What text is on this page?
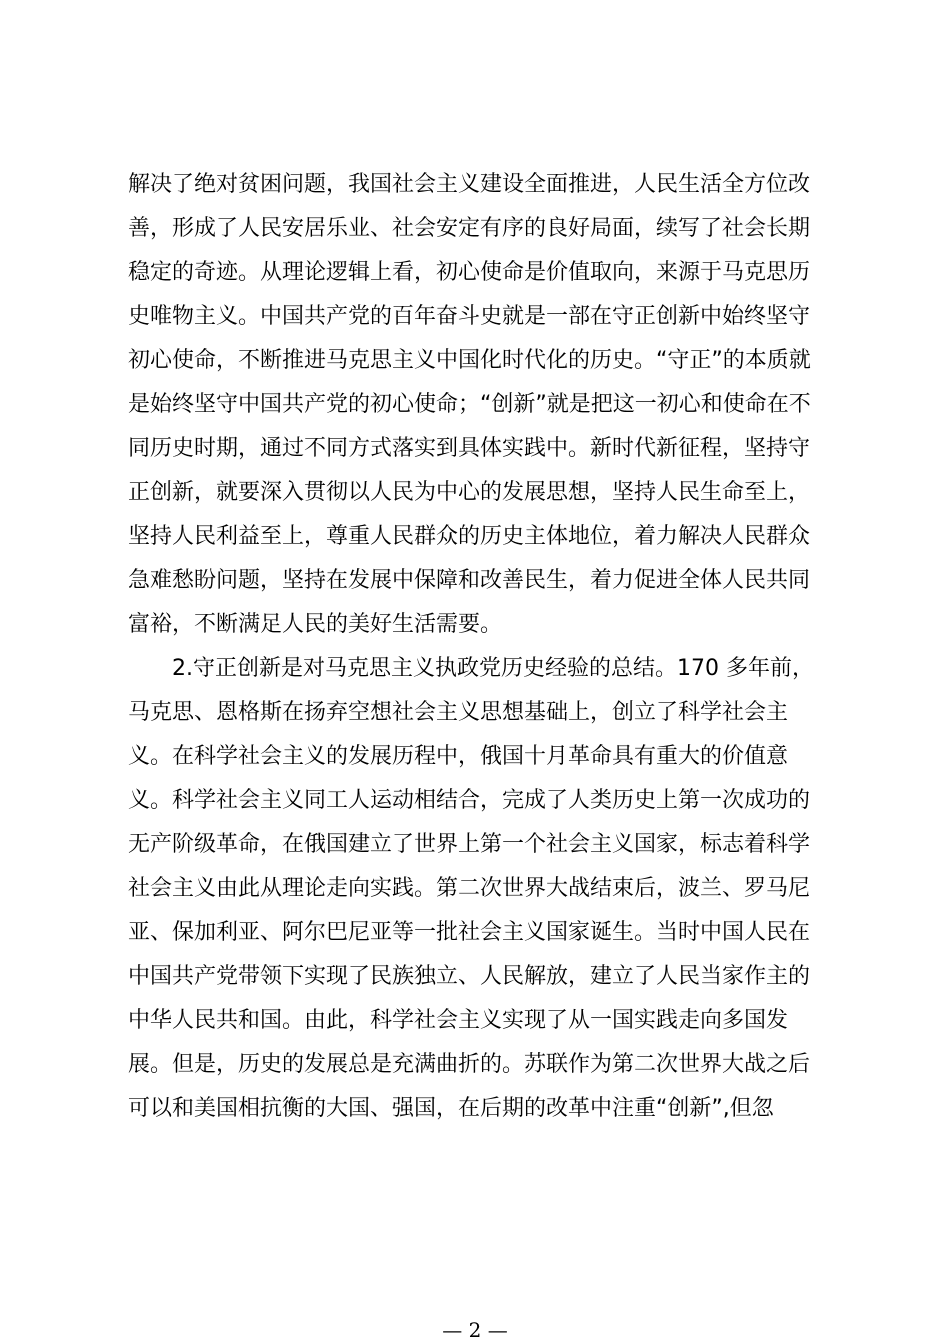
解决了绝对贫困问题，我国社会主义建设全面推进，人民生活全方位改
善，形成了人民安居乐业、社会安定有序的良好局面，续写了社会长期
稳定的奇迹。从理论逻辑上看，初心使命是价值取向，来源于马克思历
史唯物主义。中国共产党的百年奋斗史就是一部在守正创新中始终坚守
初心使命，不断推进马克思主义中国化时代化的历史。“守正”的本质就
是始终坚守中国共产党的初心使命；“创新”就是把这一初心和使命在不
同历史时期，通过不同方式落实到具体实践中。新时代新征程，坚持守
正创新，就要深入贯彻以人民为中心的发展思想，坚持人民生命至上，
坚持人民利益至上，尊重人民群众的历史主体地位，着力解决人民群众
急难愁盼问题，坚持在发展中保障和改善民生，着力促进全体人民共同
富裕，不断满足人民的美好生活需要。
2.守正创新是对马克思主义执政党历史经验的总结。170 多年前，
马克思、恩格斯在扬弃空想社会主义思想基础上，创立了科学社会主
义。在科学社会主义的发展历程中，俄国十月革命具有重大的价值意
义。科学社会主义同工人运动相结合，完成了人类历史上第一次成功的
无产阶级革命，在俄国建立了世界上第一个社会主义国家，标志着科学
社会主义由此从理论走向实践。第二次世界大战结束后，波兰、罗马尼
亚、保加利亚、阿尔巴尼亚等一批社会主义国家诞生。当时中国人民在
中国共产党带领下实现了民族独立、人民解放，建立了人民当家作主的
中华人民共和国。由此，科学社会主义实现了从一国实践走向多国发
展。但是，历史的发展总是充满曲折的。苏联作为第二次世界大战之后
可以和美国相抗衡的大国、强国，在后期的改革中注重“创新”,但忽
— 2 —
